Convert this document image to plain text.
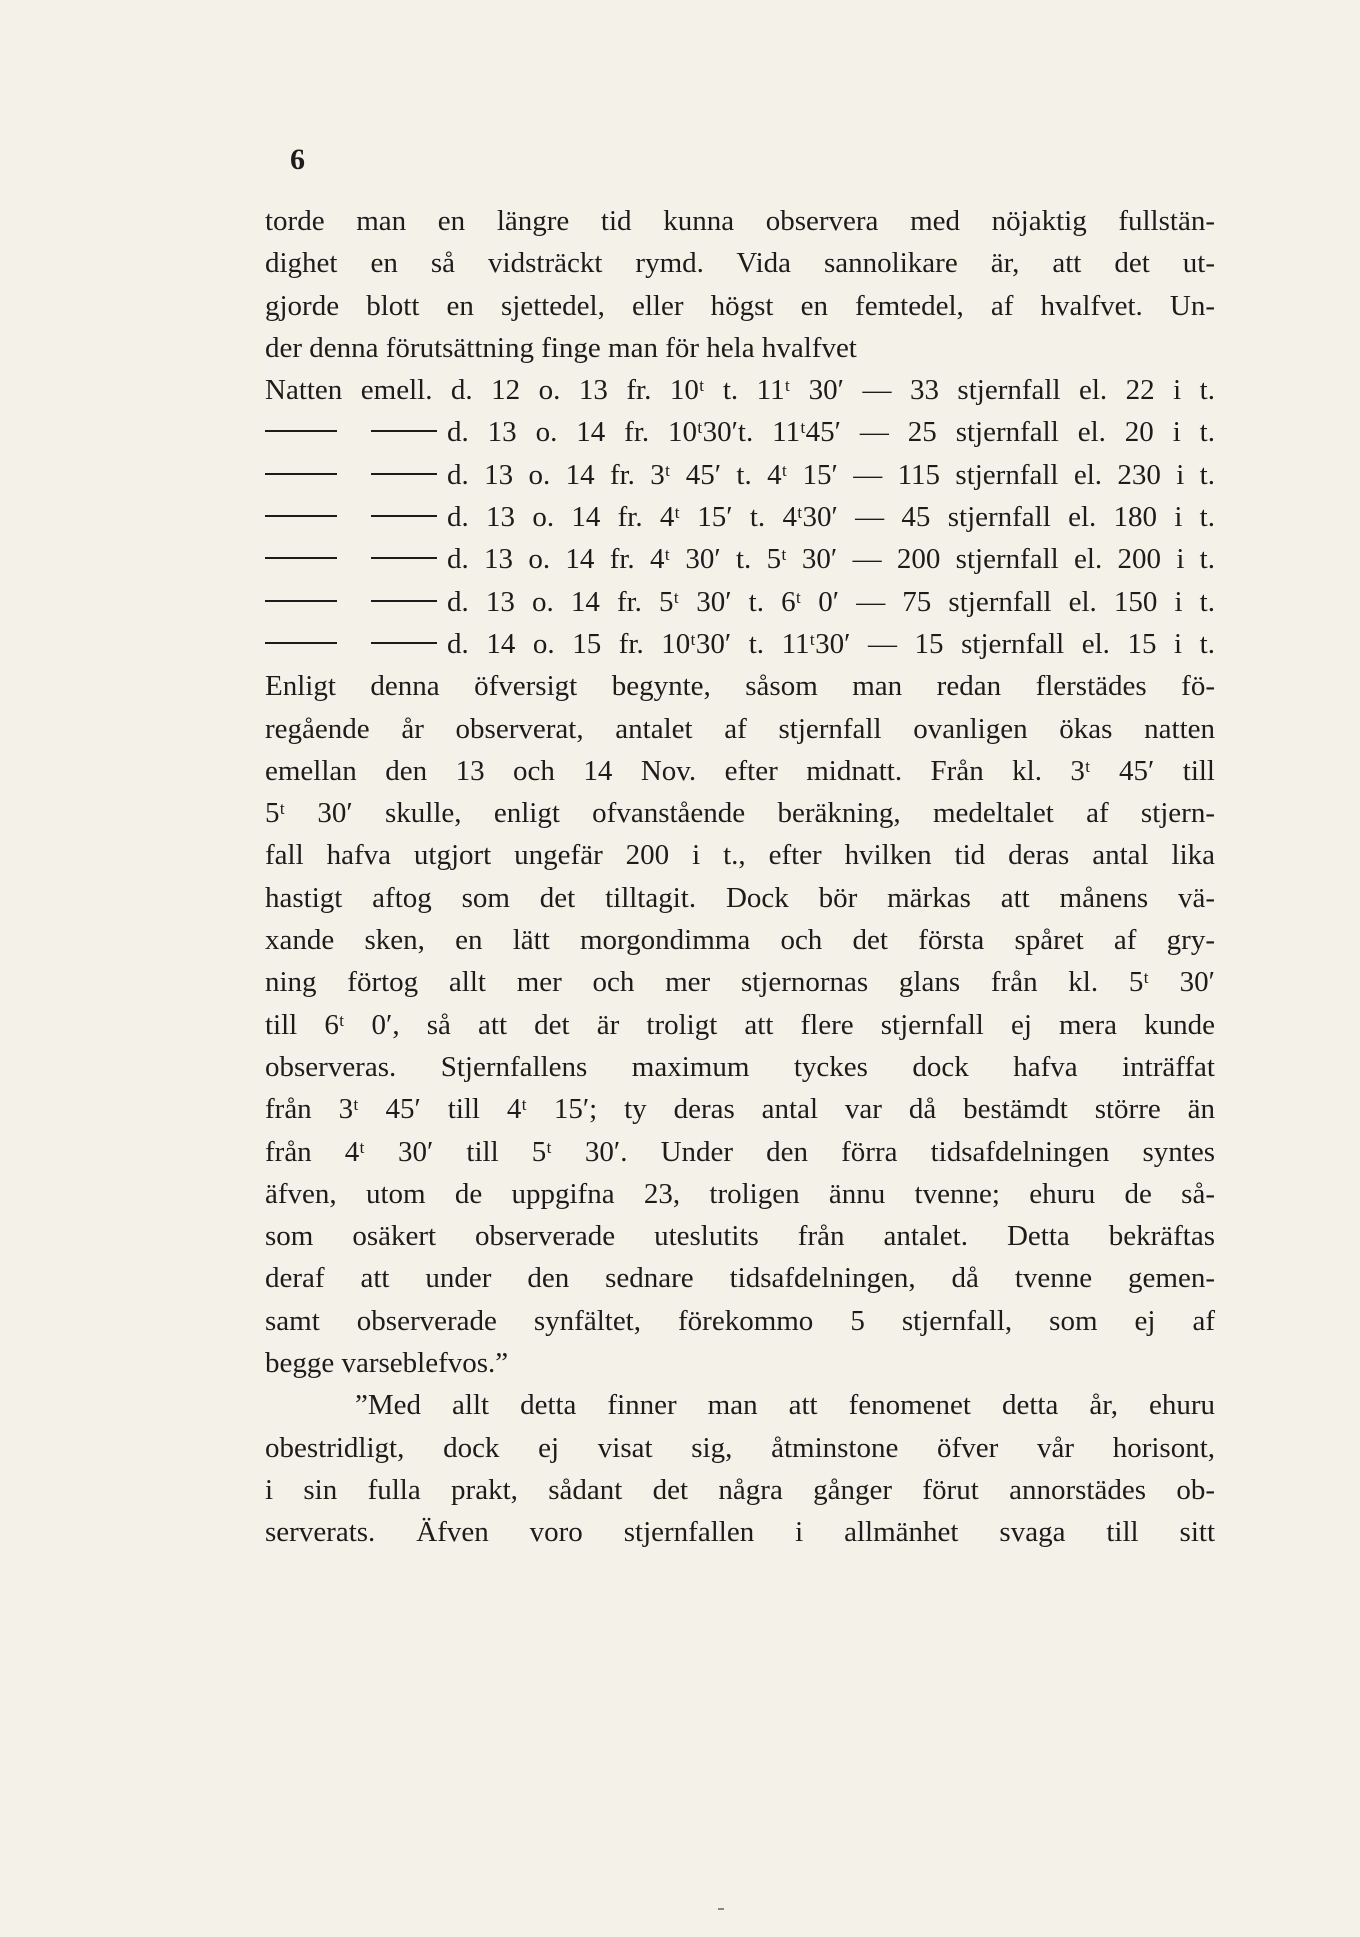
6
torde man en längre tid kunna observera med nöjaktig fullstän-
dighet en så vidsträckt rymd. Vida sannolikare är, att det ut-
gjorde blott en sjettedel, eller högst en femtedel, af hvalfvet. Un-
der denna förutsättning finge man för hela hvalfvet
Natten emell. d. 12 o. 13 fr. 10ᵗ t. 11ᵗ 30′ — 33 stjernfall el. 22 i t.
d. 13 o. 14 fr. 10ᵗ30′t. 11ᵗ45′ — 25 stjernfall el. 20 i t.
d. 13 o. 14 fr. 3ᵗ 45′ t. 4ᵗ 15′ — 115 stjernfall el. 230 i t.
d. 13 o. 14 fr. 4ᵗ 15′ t. 4ᵗ30′ — 45 stjernfall el. 180 i t.
d. 13 o. 14 fr. 4ᵗ 30′ t. 5ᵗ 30′ — 200 stjernfall el. 200 i t.
d. 13 o. 14 fr. 5ᵗ 30′ t. 6ᵗ 0′ — 75 stjernfall el. 150 i t.
d. 14 o. 15 fr. 10ᵗ30′ t. 11ᵗ30′ — 15 stjernfall el. 15 i t.
Enligt denna öfversigt begynte, såsom man redan flerstädes fö-
regående år observerat, antalet af stjernfall ovanligen ökas natten
emellan den 13 och 14 Nov. efter midnatt. Från kl. 3ᵗ 45′ till
5ᵗ 30′ skulle, enligt ofvanstående beräkning, medeltalet af stjern-
fall hafva utgjort ungefär 200 i t., efter hvilken tid deras antal lika
hastigt aftog som det tilltagit. Dock bör märkas att månens vä-
xande sken, en lätt morgondimma och det första spåret af gry-
ning förtog allt mer och mer stjernornas glans från kl. 5ᵗ 30′
till 6ᵗ 0′, så att det är troligt att flere stjernfall ej mera kunde
observeras. Stjernfallens maximum tyckes dock hafva inträffat
från 3ᵗ 45′ till 4ᵗ 15′; ty deras antal var då bestämdt större än
från 4ᵗ 30′ till 5ᵗ 30′. Under den förra tidsafdelningen syntes
äfven, utom de uppgifna 23, troligen ännu tvenne; ehuru de så-
som osäkert observerade uteslutits från antalet. Detta bekräftas
deraf att under den sednare tidsafdelningen, då tvenne gemen-
samt observerade synfältet, förekommo 5 stjernfall, som ej af
begge varseblefvos.”
”Med allt detta finner man att fenomenet detta år, ehuru
obestridligt, dock ej visat sig, åtminstone öfver vår horisont,
i sin fulla prakt, sådant det några gånger förut annorstädes ob-
serverats. Äfven voro stjernfallen i allmänhet svaga till sitt
